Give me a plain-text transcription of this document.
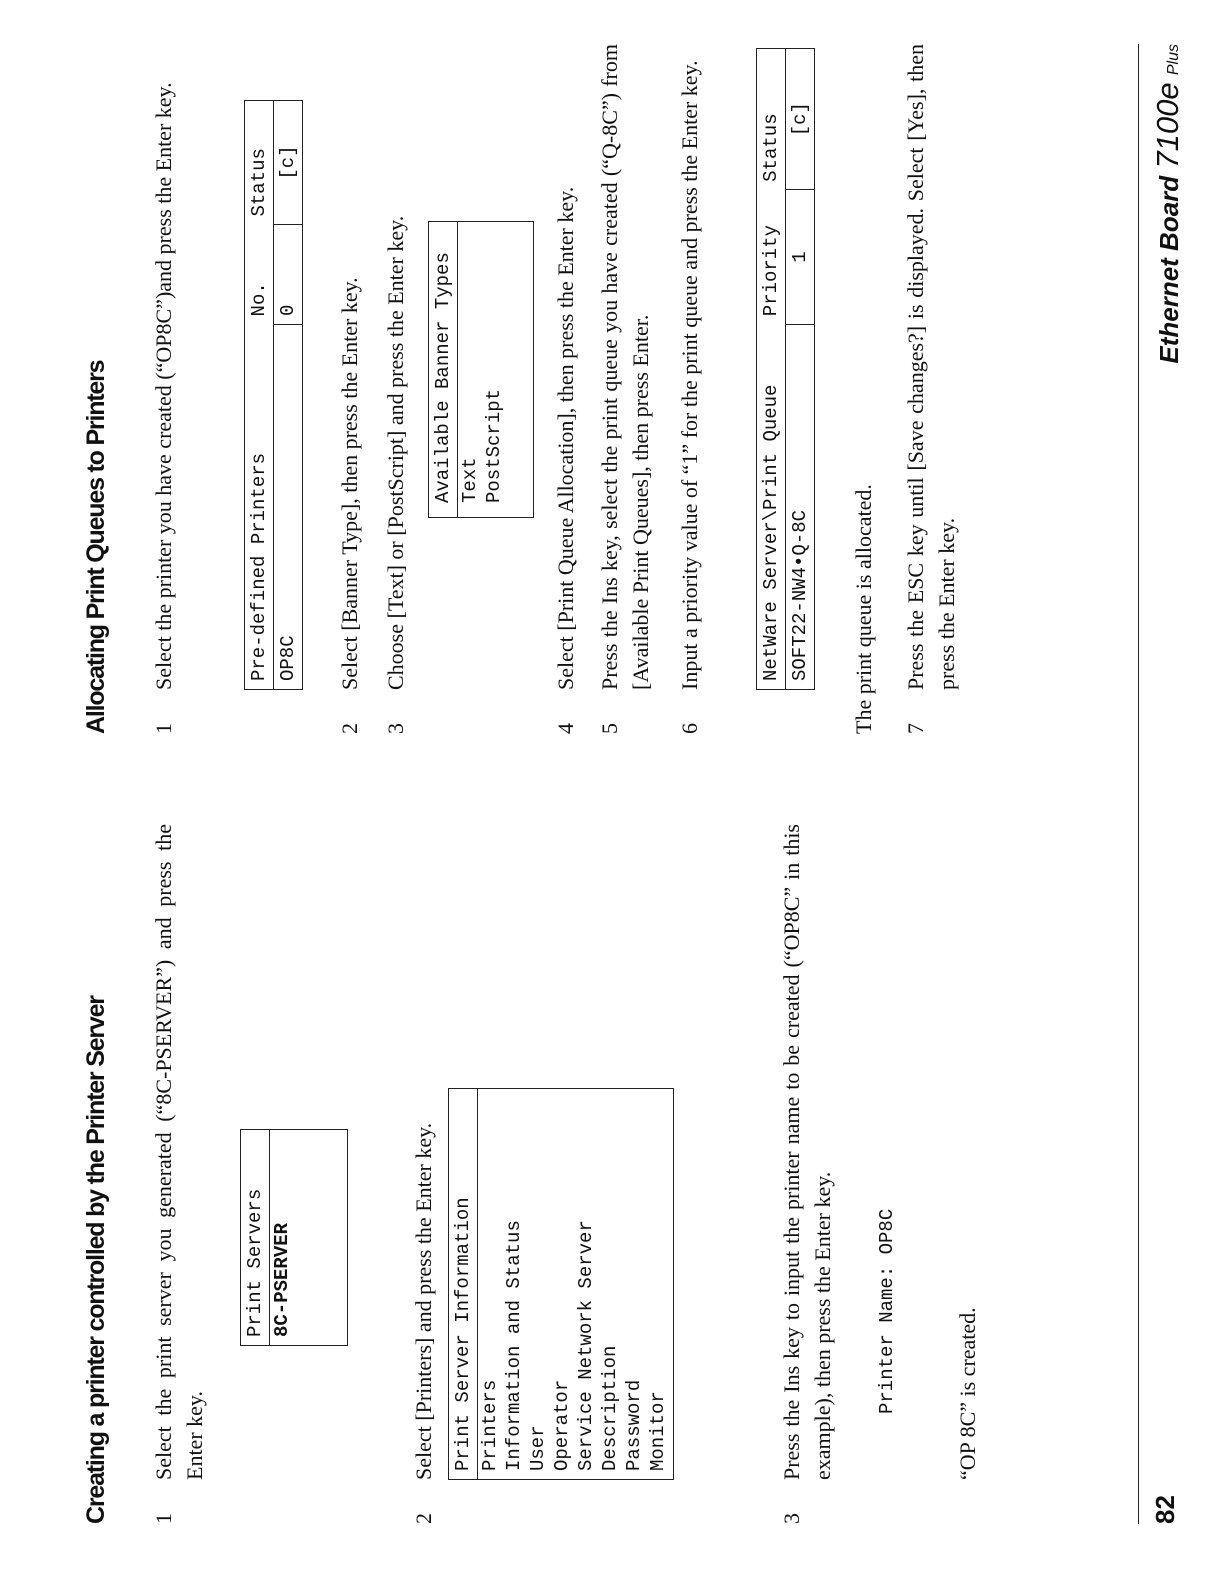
Creating a printer controlled by the Printer Server 1
Select the print server you generated (“8C-PSERVER”) and press the Enter key.
Print Servers 8C-PSERVER
2
Select [Printers] and press the Enter key. Print Server Information Printers Information and Status User Operator Service Network Server Description Password Monitor
3
Press the Ins key to input the printer name to be created (“OP8C” in this example), then press the Enter key. Printer Name: OP8C	“OP 8C” is created.
Allocating Print Queues to Printers 1
Select the printer you have created (“OP8C”)and press the Enter key.	Pre-defined Printers	No.	Status
OP8C	0	[c]
2
Select [Banner Type], then press the Enter key.
3
Choose [Text] or [PostScript] and press the Enter key. Available Banner Types Text PostScript
4
Select [Print Queue Allocation], then press the Enter key.
5
Press the Ins key, select the print queue you have created (“Q-8C”) from [Available Print Queues], then press Enter.
6
Input a priority value of “1” for the print queue and press the Enter key.	NetWare Server\Print Queue	Priority	Status
SOFT22-NW4•Q-8C	1	[c]
The print queue is allocated. 7
Press the ESC key until [Save changes?] is displayed. Select [Yes], then press the Enter key.
82
Ethernet Board 7100e Plus
